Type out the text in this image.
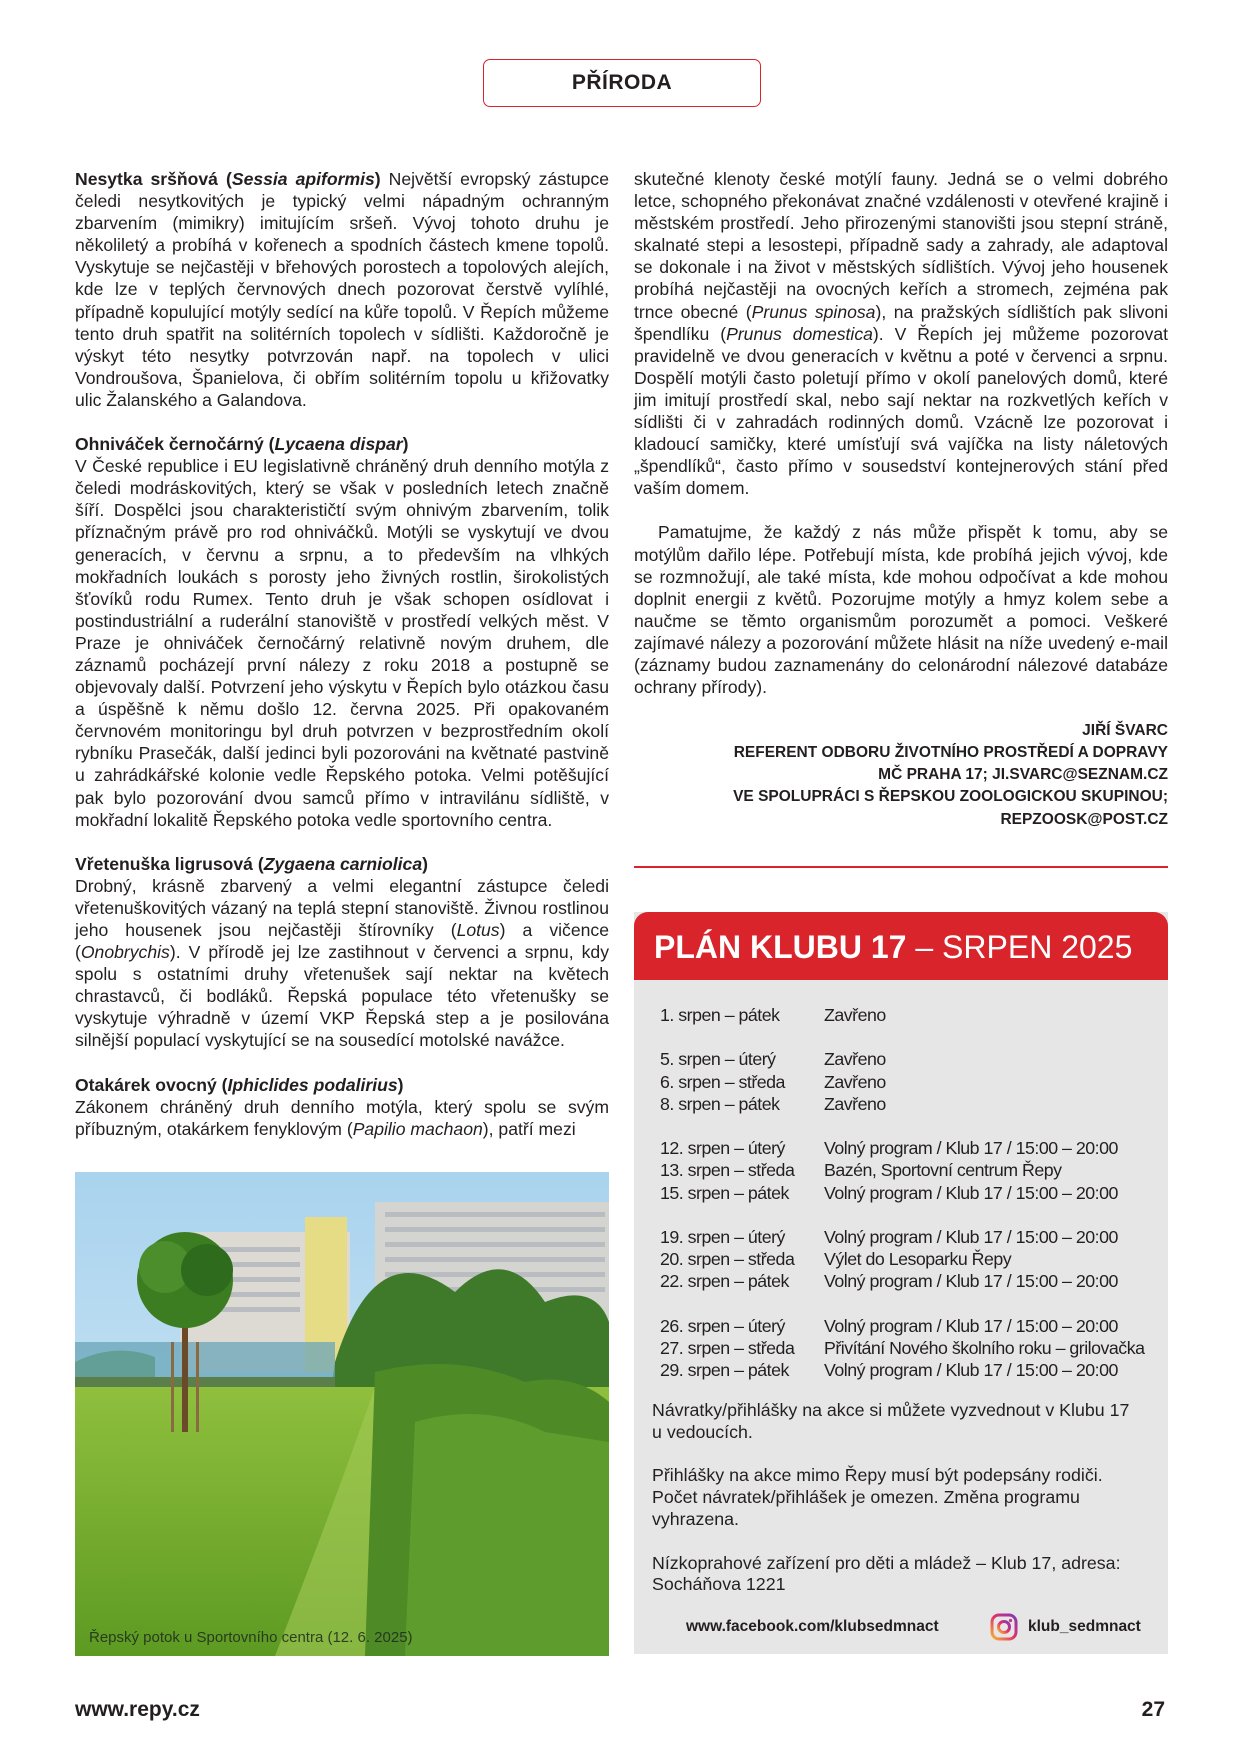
PŘÍRODA

Nesytka sršňová (Sessia apiformis) Největší evropský zástupce čeledi nesytkovitých je typický velmi nápadným ochranným zbarvením (mimikry) imitujícím sršeň. Vývoj tohoto druhu je několiletý a probíhá v kořenech a spodních částech kmene topolů. Vyskytuje se nejčastěji v břehových porostech a topolových alejích, kde lze v teplých červnových dnech pozorovat čerstvě vylíhlé, případně kopulující motýly sedící na kůře topolů. V Řepích můžeme tento druh spatřit na solitérních topolech v sídlišti. Každoročně je výskyt této nesytky potvrzován např. na topolech v ulici Vondroušova, Španielova, či obřím solitérním topolu u křižovatky ulic Žalanského a Galandova.

Ohniváček černočárný (Lycaena dispar)

V České republice i EU legislativně chráněný druh denního motýla z čeledi modráskovitých, který se však v posledních letech značně šíří. Dospělci jsou charakterističtí svým ohnivým zbarvením, tolik příznačným právě pro rod ohniváčků. Motýli se vyskytují ve dvou generacích, v červnu a srpnu, a to především na vlhkých mokřadních loukách s porosty jeho živných rostlin, širokolistých šťovíků rodu Rumex. Tento druh je však schopen osídlovat i postindustriální a ruderální stanoviště v prostředí velkých měst. V Praze je ohniváček černočárný relativně novým druhem, dle záznamů pocházejí první nálezy z roku 2018 a postupně se objevovaly další. Potvrzení jeho výskytu v Řepích bylo otázkou času a úspěšně k němu došlo 12. června 2025. Při opakovaném červnovém monitoringu byl druh potvrzen v bezprostředním okolí rybníku Prasečák, další jedinci byli pozorováni na květnaté pastvině u zahrádkářské kolonie vedle Řepského potoka. Velmi potěšující pak bylo pozorování dvou samců přímo v intravilánu sídliště, v mokřadní lokalitě Řepského potoka vedle sportovního centra.

Vřetenuška ligrusová (Zygaena carniolica)

Drobný, krásně zbarvený a velmi elegantní zástupce čeledi vřetenuškovitých vázaný na teplá stepní stanoviště. Živnou rostlinou jeho housenek jsou nejčastěji štírovníky (Lotus) a vičence (Onobrychis). V přírodě jej lze zastihnout v červenci a srpnu, kdy spolu s ostatními druhy vřetenušek sají nektar na květech chrastavců, či bodláků. Řepská populace této vřetenušky se vyskytuje výhradně v území VKP Řepská step a je posilována silnější populací vyskytující se na sousedící motolské navážce.

Otakárek ovocný (Iphiclides podalirius)

Zákonem chráněný druh denního motýla, který spolu se svým příbuzným, otakárkem fenyklovým (Papilio machaon), patří mezi

Řepský potok u Sportovního centra (12. 6. 2025)

skutečné klenoty české motýlí fauny. Jedná se o velmi dobrého letce, schopného překonávat značné vzdálenosti v otevřené krajině i městském prostředí. Jeho přirozenými stanovišti jsou stepní stráně, skalnaté stepi a lesostepi, případně sady a zahrady, ale adaptoval se dokonale i na život v městských sídlištích. Vývoj jeho housenek probíhá nejčastěji na ovocných keřích a stromech, zejména pak trnce obecné (Prunus spinosa), na pražských sídlištích pak slivoni špendlíku (Prunus domestica). V Řepích jej můžeme pozorovat pravidelně ve dvou generacích v květnu a poté v červenci a srpnu. Dospělí motýli často poletují přímo v okolí panelových domů, které jim imitují prostředí skal, nebo sají nektar na rozkvetlých keřích v sídlišti či v zahradách rodinných domů. Vzácně lze pozorovat i kladoucí samičky, které umísťují svá vajíčka na listy náletových „špendlíků“, často přímo v sousedství kontejnerových stání před vaším domem.

Pamatujme, že každý z nás může přispět k tomu, aby se motýlům dařilo lépe. Potřebují místa, kde probíhá jejich vývoj, kde se rozmnožují, ale také místa, kde mohou odpočívat a kde mohou doplnit energii z květů. Pozorujme motýly a hmyz kolem sebe a naučme se těmto organismům porozumět a pomoci. Veškeré zajímavé nálezy a pozorování můžete hlásit na níže uvedený e-mail (záznamy budou zaznamenány do celonárodní nálezové databáze ochrany přírody).

JIŘÍ ŠVARC
REFERENT ODBORU ŽIVOTNÍHO PROSTŘEDÍ A DOPRAVY
MČ PRAHA 17; JI.SVARC@SEZNAM.CZ
VE SPOLUPRÁCI S ŘEPSKOU ZOOLOGICKOU SKUPINOU;
REPZOOSK@POST.CZ
PLÁN KLUBU 17 – SRPEN 2025
1. srpen – pátek	Zavřeno
5. srpen – úterý	Zavřeno
6. srpen – středa	Zavřeno
8. srpen – pátek	Zavřeno
12. srpen – úterý	Volný program / Klub 17 / 15:00 – 20:00
13. srpen – středa	Bazén, Sportovní centrum Řepy
15. srpen – pátek	Volný program / Klub 17 / 15:00 – 20:00
19. srpen – úterý	Volný program / Klub 17 / 15:00 – 20:00
20. srpen – středa	Výlet do Lesoparku Řepy
22. srpen – pátek	Volný program / Klub 17 / 15:00 – 20:00
26. srpen – úterý	Volný program / Klub 17 / 15:00 – 20:00
27. srpen – středa	Přivítání Nového školního roku – grilovačka
29. srpen – pátek	Volný program / Klub 17 / 15:00 – 20:00

Návratky/přihlášky na akce si můžete vyzvednout v Klubu 17 u vedoucích.

Přihlášky na akce mimo Řepy musí být podepsány rodiči. Počet návratek/přihlášek je omezen. Změna programu vyhrazena.

Nízkoprahové zařízení pro děti a mládež – Klub 17, adresa: Socháňova 1221

www.facebook.com/klubsedmnact	klub_sedmnact
www.repy.cz	27
